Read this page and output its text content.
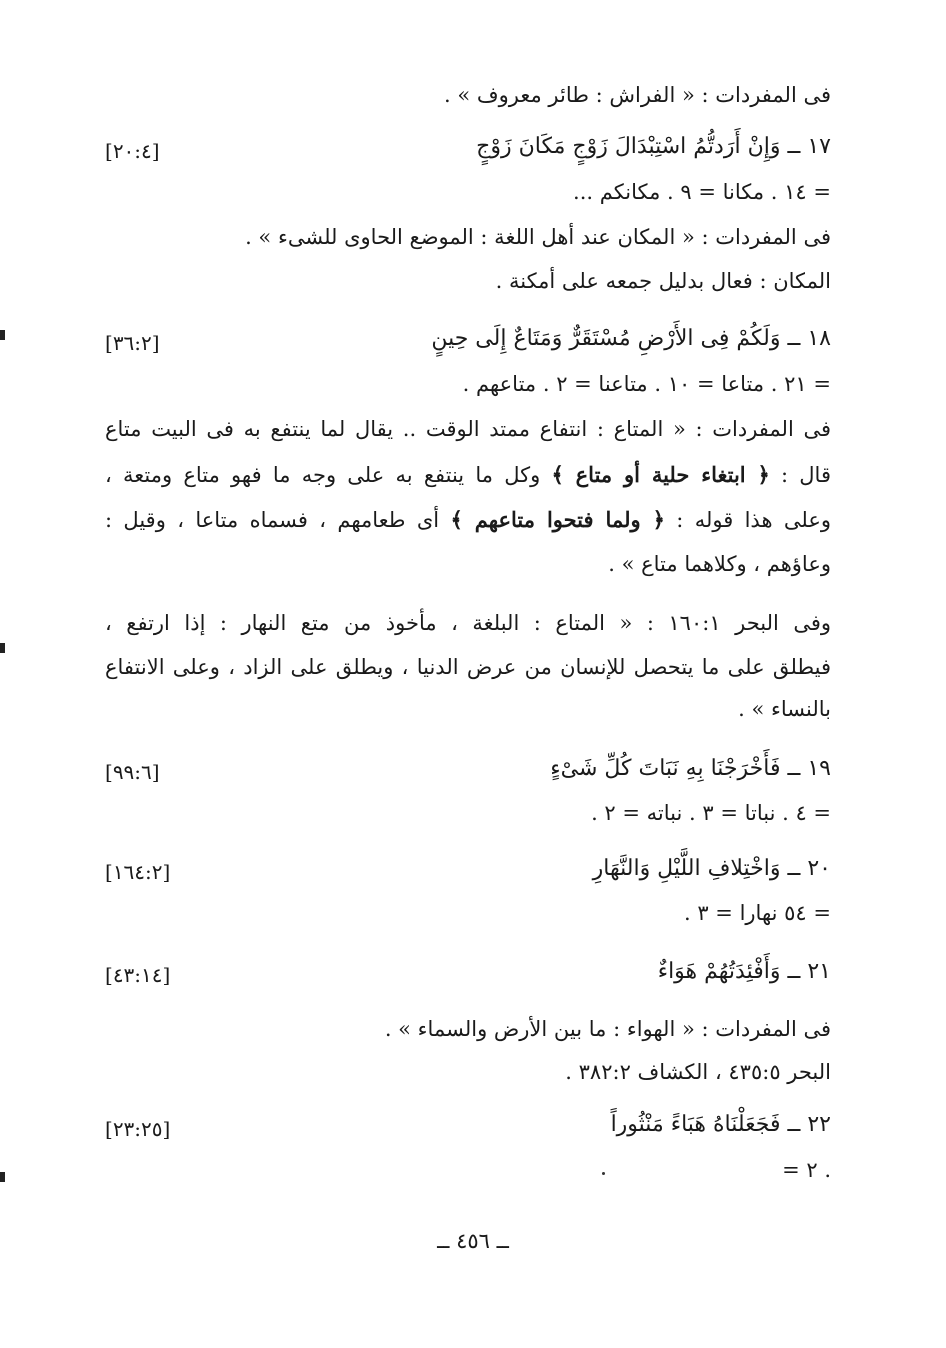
فى المفردات : « الفراش : طائر معروف » .
١٧ ــ وَإِنْ أَرَدتُّمُ اسْتِبْدَالَ زَوْجٍ مَكَانَ زَوْجٍ
[٢٠:٤]
= ١٤ . مكانا = ٩ . مكانكم ...
فى المفردات : « المكان عند أهل اللغة : الموضع الحاوى للشىء » .
المكان : فعال بدليل جمعه على أمكنة .
١٨ ــ وَلَكُمْ فِى الأَرْضِ مُسْتَقَرٌّ وَمَتَاعٌ إِلَى حِينٍ
[٣٦:٢]
= ٢١ . متاعا = ١٠ . متاعنا = ٢ . متاعهم .
فى المفردات : « المتاع : انتفاع ممتد الوقت .. يقال لما ينتفع به فى البيت متاع
قال : ﴿ ابتغاء حلية أو متاع ﴾ وكل ما ينتفع به على وجه ما فهو متاع ومتعة ،
وعلى هذا قوله : ﴿ ولما فتحوا متاعهم ﴾ أى طعامهم ، فسماه متاعا ، وقيل :
وعاؤهم ، وكلاهما متاع » .
وفى البحر ١٦٠:١ : « المتاع : البلغة ، مأخوذ من متع النهار : إذا ارتفع ،
فيطلق على ما يتحصل للإنسان من عرض الدنيا ، ويطلق على الزاد ، وعلى الانتفاع
بالنساء » .
١٩ ــ فَأَخْرَجْنَا بِهِ نَبَاتَ كُلِّ شَىْءٍ
[٩٩:٦]
= ٤ . نباتا = ٣ . نباته = ٢ .
٢٠ ــ وَاخْتِلافِ اللَّيْلِ وَالنَّهَارِ
[١٦٤:٢]
= ٥٤ نهارا = ٣ .
٢١ ــ وَأَفْئِدَتُهُمْ هَوَاءٌ
[٤٣:١٤]
فى المفردات : « الهواء : ما بين الأرض والسماء » .
البحر ٤٣٥:٥ ، الكشاف ٣٨٢:٢ .
٢٢ ــ فَجَعَلْنَاهُ هَبَاءً مَنْثُوراً
[٢٣:٢٥]
= ٢ .
ــ ٤٥٦ ــ
